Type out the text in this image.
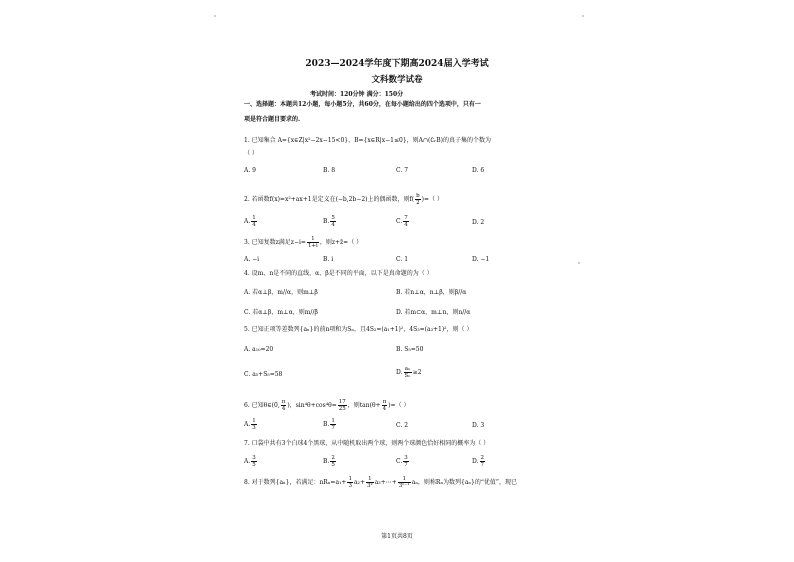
2023—2024学年度下期高2024届入学考试
文科数学试卷
考试时间：120分钟 满分：150分
一、选择题：本题共12小题，每小题5分，共60分，在每小题给出的四个选项中，只有一
项是符合题目要求的.
1. 已知集合 A={x∈Z|x²−2x−15<0}，B={x∈R|x−1≤0}，则A∩(∁ᵣB)的真子集的个数为
（ ）
A. 9	B. 8	C. 7	D. 6
2. 若函数f(x)=x²+ax+1是定义在(−b,2b−2)上的偶函数，则$f( \frac{b}{2}$ )=（ ）
A. $\frac{1}{4}$	B. $\frac{5}{4}$	C. $\frac{7}{4}$	D. 2
3. 已知复数z满足$z-i= \frac{1}{1+i}$ ，则z+z̄=（ ）
A. −i	B. i	C. 1	D. −1
4. 设m、n是不同的直线，α、β是不同的平面，以下是真命题的为（ ）
A. 若α⊥β，m//α，则m⊥β	B. 若n⊥α，n⊥β，则β//α
C. 若α⊥β，m⊥α，则m//β	D. 若m⊂α，m⊥n，则n//α
5. 已知正项等差数列{aₙ}的前n项和为Sₙ，且4S₂=(a₁+1)²，4S₃=(a₃+1)²，则（ ）
A. a₁₀=20	B. S₅=50
C. a₅+S₅=58	D. $\frac{\text{aₙ}}{\text{Sₙ}} \ge 2$
6. 已知θ∈(0, $\frac{\pi}{4}$ )，$\sin^4\theta+\cos^4\theta= \frac{17}{25}$ ，则$\tan(\theta+ \frac{\pi}{4}$ )=（ ）
A. $\frac{1}{3}$	B. $\frac{1}{7}$	C. 2	D. 3
7. 口袋中共有3个白球4个黑球，从中随机取出两个球，则两个球颜色恰好相同的概率为（ ）
A. $\frac{3}{5}$	B. $\frac{2}{5}$	C. $\frac{3}{7}$	D. $\frac{2}{7}$
8. 对于数列{aₙ}，若满足：$nR_n=a_1+ \frac{1}{3} a_2+ \frac{1}{\text{3²}}$ a₃+⋯+ $\frac{1}{\text{3ⁿ⁻¹}}$ aₙ，则称Rₙ为数列{aₙ}的“优值”，现已
第1页共8页
